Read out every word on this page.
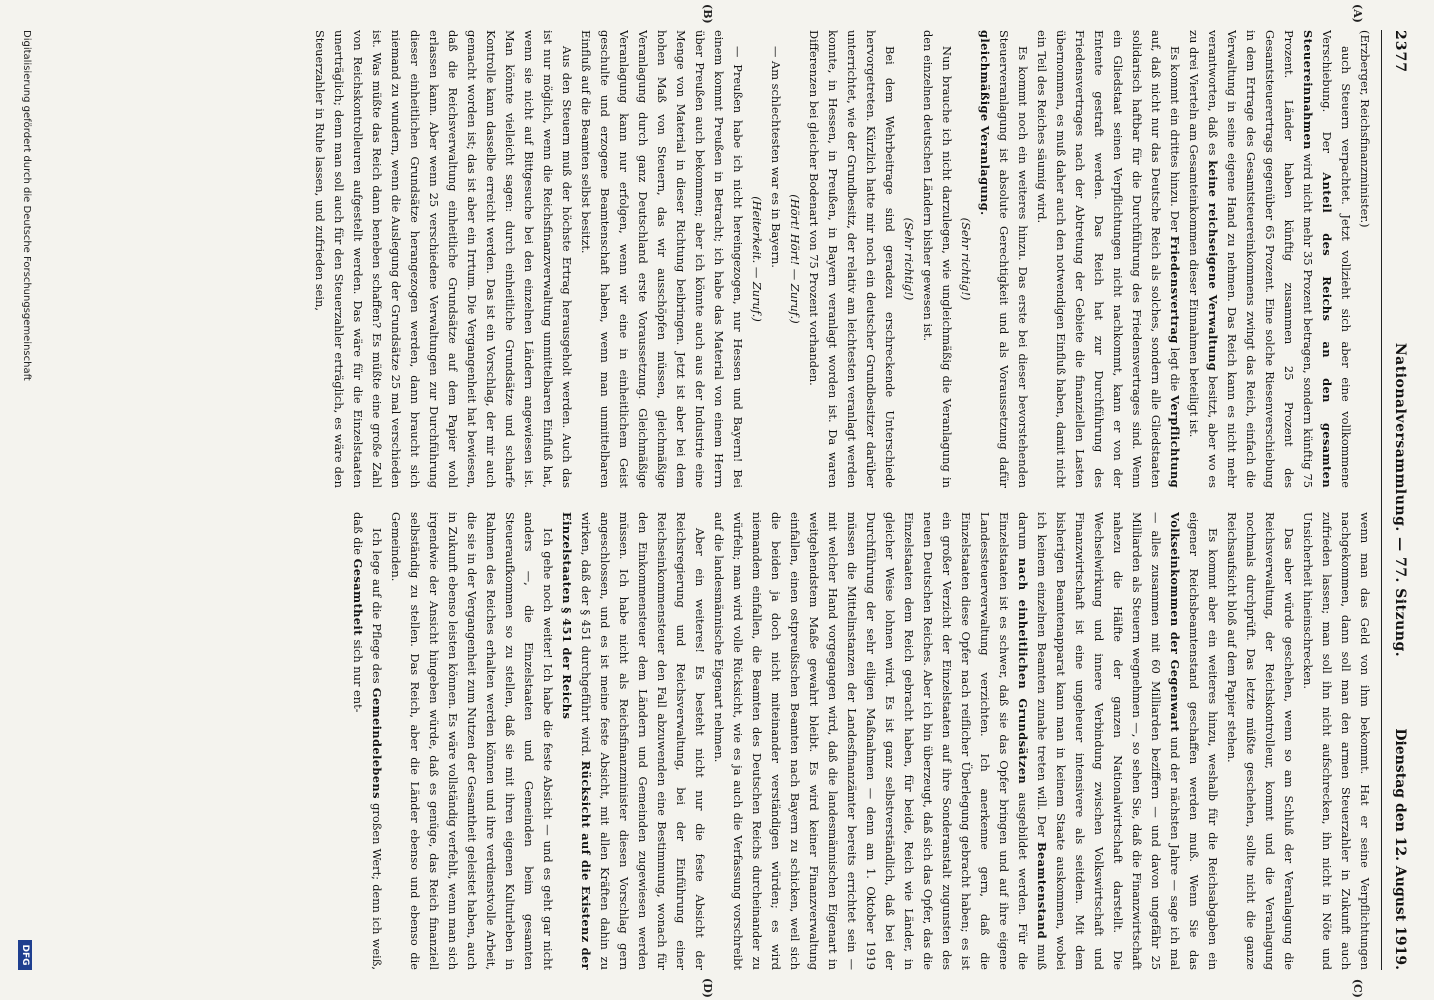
2377
Nationalversammlung. — 77. Sitzung.
Dienstag den 12. August 1919.
(A)
(B)
(C)
(D)

(Erzberger, Reichsfinanzminister.)

auch Steuern verpachtet. Jetzt vollzieht sich aber eine vollkommene Verschiebung. Der Anteil des Reichs an den gesamten Steuereinnahmen wird nicht mehr 35 Prozent betragen, sondern künftig 75 Prozent. Länder haben künftig zusammen 25 Prozent des Gesamtsteuerertrags gegenüber 65 Prozent. Eine solche Riesenverschiebung in dem Ertrage des Gesamtsteuereinkommens zwingt das Reich, einfach die Verwaltung in seine eigene Hand zu nehmen. Das Reich kann es nicht mehr verantworten, daß es keine reichseigene Verwaltung besitzt, aber wo es zu drei Vierteln am Gesamteinkommen dieser Einnahmen beteiligt ist.

Es kommt ein drittes hinzu. Der Friedensvertrag legt die Verpflichtung auf, daß nicht nur das Deutsche Reich als solches, sondern alle Gliedstaaten solidarisch haftbar für die Durchführung des Friedensvertrages sind. Wenn ein Gliedstaat seinen Verpflichtungen nicht nachkommt, kann er von der Entente gestraft werden. Das Reich hat zur Durchführung des Friedensvertrages nach der Abtretung der Gebiete die finanziellen Lasten übernommen, es muß daher auch den notwendigen Einfluß haben, damit nicht ein Teil des Reiches säumig wird.

Es kommt noch ein weiteres hinzu. Das erste bei dieser bevorstehenden Steuerveranlagung ist absolute Gerechtigkeit und als Voraussetzung dafür gleichmäßige Veranlagung.

(Sehr richtig!)

Nun brauche ich nicht darzulegen, wie ungleichmäßig die Veranlagung in den einzelnen deutschen Ländern bisher gewesen ist.

(Sehr richtig!)

Bei dem Wehrbeitrage sind geradezu erschreckende Unterschiede hervorgetreten. Kürzlich hatte mir noch ein deutscher Grundbesitzer darüber unterrichtet, wie der Grundbesitz, der relativ am leichtesten veranlagt werden konnte, in Hessen, in Preußen, in Bayern veranlagt worden ist. Da waren Differenzen bei gleicher Bodenart von 75 Prozent vorhanden.

(Hört! Hört! — Zuruf.)

— Am schlechtesten war es in Bayern.

(Heiterkeit. — Zuruf.)

— Preußen habe ich nicht hereingezogen, nur Hessen und Bayern! Bei einem kommt Preußen in Betracht; ich habe das Material von einem Herrn über Preußen auch bekommen; aber ich könnte auch aus der Industrie eine Menge von Material in dieser Richtung beibringen. Jetzt ist aber bei dem hohen Maß von Steuern, das wir ausschöpfen müssen, gleichmäßige Veranlagung durch ganz Deutschland erste Voraussetzung. Gleichmäßige Veranlagung kann nur erfolgen, wenn wir eine in einheitlichem Geist geschulte und erzogene Beamtenschaft haben, wenn man unmittelbaren Einfluß auf die Beamten selbst besitzt.

Aus den Steuern muß der höchste Ertrag herausgeholt werden. Auch das ist nur möglich, wenn die Reichsfinanzverwaltung unmittelbaren Einfluß hat, wenn sie nicht auf Bittgesuche bei den einzelnen Ländern angewiesen ist. Man könnte vielleicht sagen: durch einheitliche Grundsätze und scharfe Kontrolle kann dasselbe erreicht werden. Das ist ein Vorschlag, der mir auch gemacht worden ist; das ist aber ein Irrtum. Die Vergangenheit hat bewiesen, daß die Reichsverwaltung einheitliche Grundsätze auf dem Papier wohl erlassen kann. Aber wenn 25 verschiedene Verwaltungen zur Durchführung dieser einheitlichen Grundsätze herangezogen werden, dann braucht sich niemand zu wundern, wenn die Auslegung der Grundsätze 25 mal verschieden ist. Was müßte das Reich dann beneben schaffen? Es müßte eine große Zahl von Reichskontrolleuren aufgestellt werden. Das wäre für die Einzelstaaten unerträglich; denn man soll auch für den Steuerzahler erträglich, es wäre den Steuerzahler in Ruhe lassen, und zufrieden sein,

wenn man das Geld von ihm bekommt. Hat er seine Verpflichtungen nachgekommen, dann soll man den armen Steuerzahler in Zukunft auch zufrieden lassen; man soll ihn nicht aufschrecken, ihn nicht in Nöte und Unsicherheit hineinschrecken.

Das aber würde geschehen, wenn so am Schluß der Veranlagung die Reichsverwaltung, der Reichskontrolleur, kommt und die Veranlagung nochmals durchprüft. Das letzte müßte geschehen, sollte nicht die ganze Reichsaufsicht bloß auf dem Papier stehen.

Es kommt aber ein weiteres hinzu, weshalb für die Reichsabgaben ein eigener Reichsbeamtenstand geschaffen werden muß. Wenn Sie das Volkseinkommen der Gegenwart und der nächsten Jahre — sage ich mal — alles zusammen mit 60 Milliarden beziffern — und davon ungefähr 25 Milliarden als Steuern wegnehmen —, so sehen Sie, daß die Finanzwirtschaft nahezu die Hälfte der ganzen Nationalwirtschaft darstellt. Die Wechselwirkung und innere Verbindung zwischen Volkswirtschaft und Finanzwirtschaft ist eine ungeheuer intensivere als seitdem. Mit dem bisherigen Beamtenapparat kann man in keinem Staate auskommen, wobei ich keinem einzelnen Beamten zunahe treten will. Der Beamtenstand muß darum nach einheitlichen Grundsätzen ausgebildet werden. Für die Einzelstaaten ist es schwer, daß sie das Opfer bringen und auf ihre eigene Landessteuerverwaltung verzichten. Ich anerkenne gern, daß die Einzelstaaten diese Opfer nach reiflicher Überlegung gebracht haben; es ist ein großer Verzicht der Einzelstaaten auf ihre Sonderanstalt zugunsten des neuen Deutschen Reiches. Aber ich bin überzeugt, daß sich das Opfer, das die Einzelstaaten dem Reich gebracht haben, für beide, Reich wie Länder, in gleicher Weise lohnen wird. Es ist ganz selbstverständlich, daß bei der Durchführung der sehr eiligen Maßnahmen — denn am 1. Oktober 1919 müssen die Mittelinstanzen der Landesfinanzämter bereits errichtet sein — mit welcher Hand vorgegangen wird, daß die landesmännischen Eigenart in weitgehendstem Maße gewahrt bleibt. Es wird keiner Finanzverwaltung einfallen, einen ostpreußischen Beamten nach Bayern zu schicken, weil sich die beiden ja doch nicht miteinander verständigen würden; es wird niemandem einfallen, die Beamten des Deutschen Reichs durcheinander zu würfeln; man wird volle Rücksicht, wie es ja auch die Verfassung vorschreibt auf die landesmännische Eigenart nehmen.

Aber ein weiteres! Es besteht nicht nur die feste Absicht der Reichsregierung und Reichsverwaltung, bei der Einführung einer Reichseinkommensteuer den Fall abzuwenden eine Bestimmung, wonach für den Einkommensteuer dem Ländern und Gemeinden zugewiesen werden müssen. Ich habe nicht als Reichsfinanzminister diesen Vorschlag gern angeschlossen, und es ist meine feste Absicht, mit allen Kräften dahin zu wirken, daß der § 451 durchgeführt wird. Rücksicht auf die Existenz der Einzelstaaten § 451 der Reichs

Ich gehe noch weiter! Ich habe die feste Absicht — und es geht gar nicht anders —, die Einzelstaaten und Gemeinden beim gesamten Steueraufkommen so zu stellen, daß sie mit ihren eigenen Kulturleben in Rahmen des Reiches erhalten werden können und ihre verdienstvolle Arbeit, die sie in der Vergangenheit zum Nutzen der Gesamtheit geleistet haben, auch in Zukunft ebenso leisten können. Es wäre vollständig verfehlt, wenn man sich irgendwie der Ansicht hingeben würde, daß es genüge, das Reich finanziell selbständig zu stellen. Das Reich, aber die Länder ebenso und ebenso die Gemeinden.

Ich lege auf die Pflege des Gemeindelebens großen Wert; denn ich weiß, daß die Gesamtheit sich nur ent-

Digitalisierung gefördert durch die Deutsche Forschungsgemeinschaft
DFG
